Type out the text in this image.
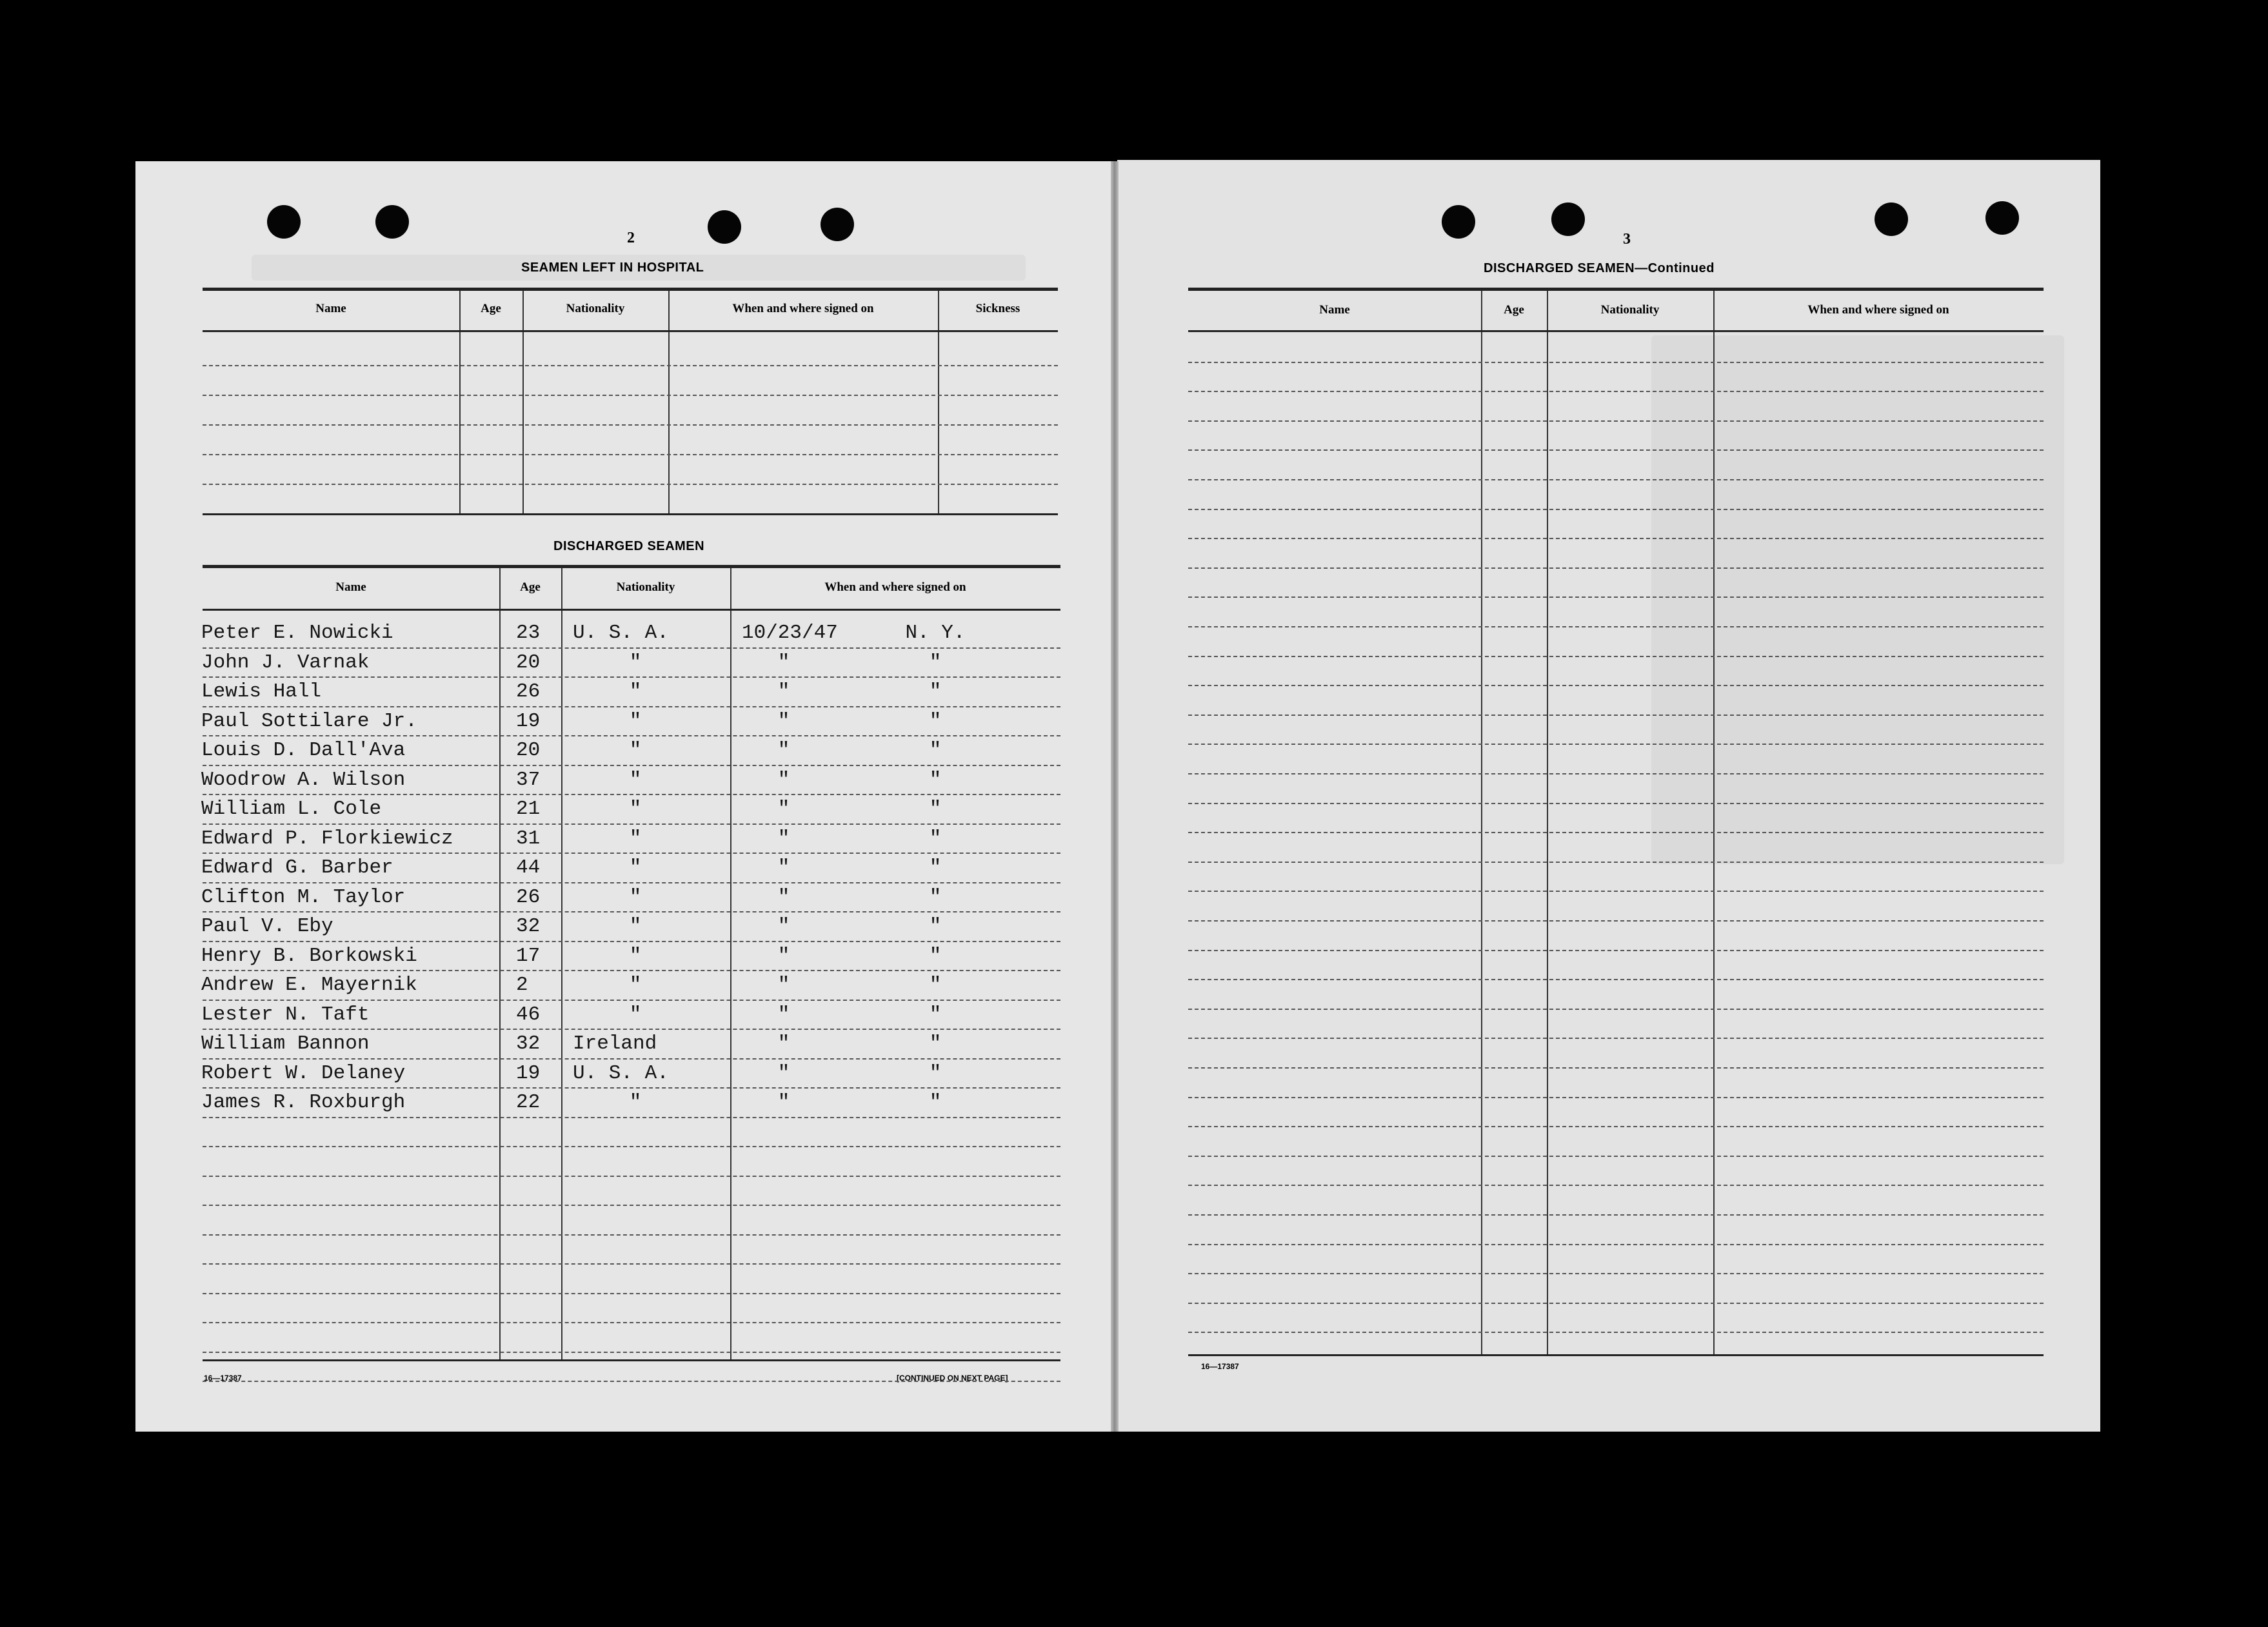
2
SEAMEN LEFT IN HOSPITAL
Name	Age	Nationality	When and where signed on	Sickness
DISCHARGED SEAMEN
Name	Age	Nationality	When and where signed on
16—17387	[CONTINUED ON NEXT PAGE]
3
DISCHARGED SEAMEN—Continued
Name	Age	Nationality	When and where signed on
16—17387
Peter E. Nowicki	23 U. S. A.	10/23/47	N. Y.
John J. Varnak	20	"	"	"
Lewis Hall	26	"	"	"
Paul Sottilare Jr.	19	"	"	"
Louis D. Dall'Ava	20	"	"	"
Woodrow A. Wilson	37	"	"	"
William L. Cole	21	"	"	"
Edward P. Florkiewicz	31	"	"	"
Edward G. Barber	44	"	"	"
Clifton M. Taylor	26	"	"	"
Paul V. Eby	32	"	"	"
Henry B. Borkowski	17	"	"	"
Andrew E. Mayernik	2	"	"	"
Lester N. Taft	46	"	"	"
William Bannon	32 Ireland	"	"
Robert W. Delaney	19 U. S. A.	"	"
James R. Roxburgh	22	"	"	"
